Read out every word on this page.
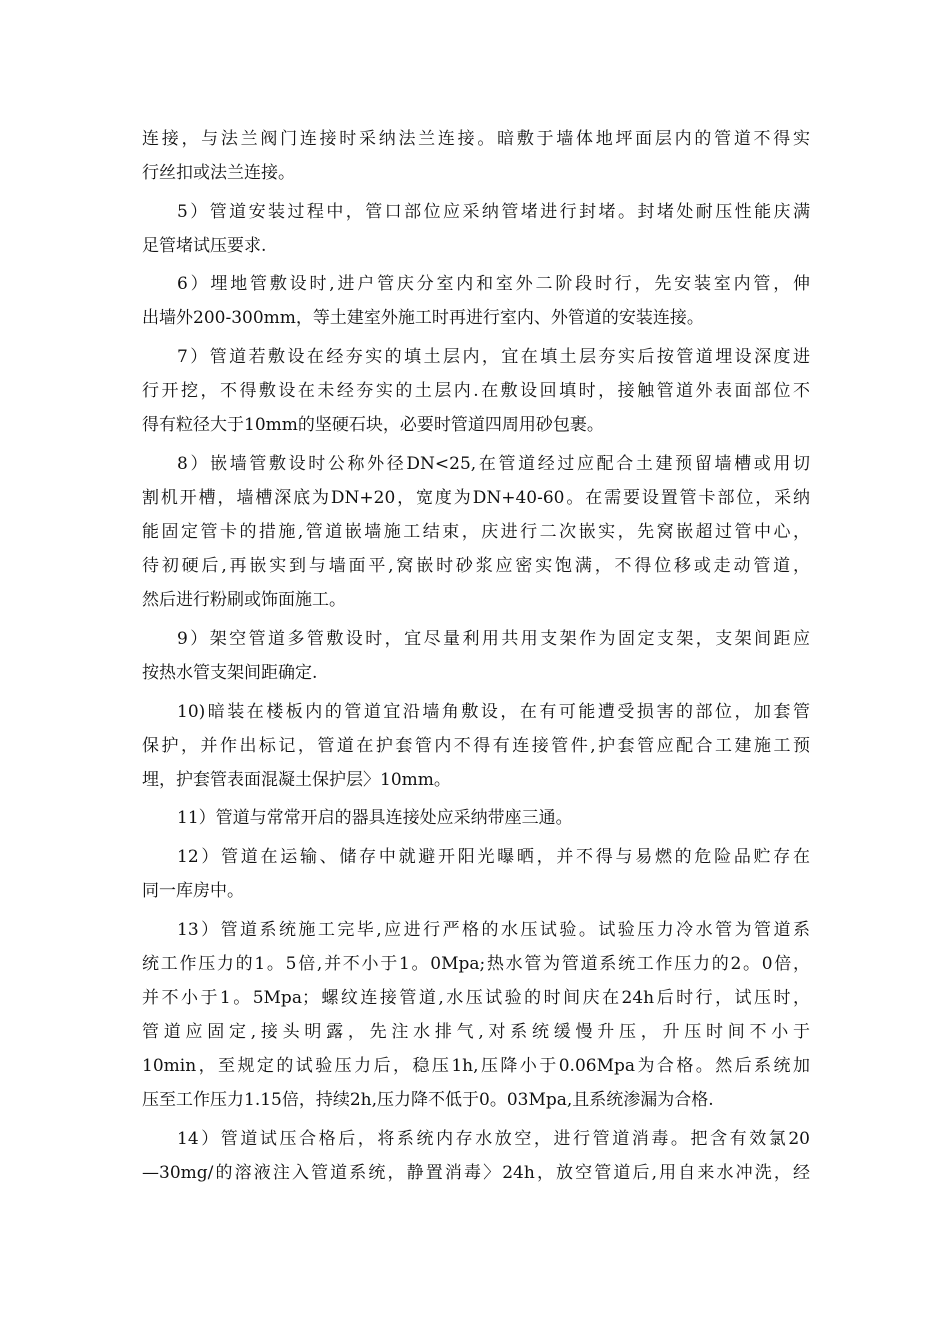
连接，与法兰阀门连接时采纳法兰连接。暗敷于墙体地坪面层内的管道不得实
行丝扣或法兰连接。
5）管道安装过程中，管口部位应采纳管堵进行封堵。封堵处耐压性能庆满
足管堵试压要求.
6）埋地管敷设时,进户管庆分室内和室外二阶段时行，先安装室内管，伸
出墙外200-300mm，等土建室外施工时再进行室内、外管道的安装连接。
7）管道若敷设在经夯实的填土层内，宜在填土层夯实后按管道埋设深度进
行开挖，不得敷设在未经夯实的土层内.在敷设回填时，接触管道外表面部位不
得有粒径大于10mm的坚硬石块，必要时管道四周用砂包裹。
8）嵌墙管敷设时公称外径DN<25,在管道经过应配合土建预留墙槽或用切
割机开槽，墙槽深底为DN+20，宽度为DN+40-60。在需要设置管卡部位，采纳
能固定管卡的措施,管道嵌墙施工结束，庆进行二次嵌实，先窝嵌超过管中心，
待初硬后,再嵌实到与墙面平,窝嵌时砂浆应密实饱满，不得位移或走动管道，
然后进行粉刷或饰面施工。
9）架空管道多管敷设时，宜尽量利用共用支架作为固定支架，支架间距应
按热水管支架间距确定.
10)暗装在楼板内的管道宜沿墙角敷设，在有可能遭受损害的部位，加套管
保护，并作出标记，管道在护套管内不得有连接管件,护套管应配合工建施工预
埋，护套管表面混凝土保护层〉10mm。
11）管道与常常开启的器具连接处应采纳带座三通。
12）管道在运输、储存中就避开阳光曝晒，并不得与易燃的危险品贮存在
同一库房中。
13）管道系统施工完毕,应进行严格的水压试验。试验压力冷水管为管道系
统工作压力的1。5倍,并不小于1。0Mpa;热水管为管道系统工作压力的2。0倍，
并不小于1。5Mpa；螺纹连接管道,水压试验的时间庆在24h后时行，试压时，
管道应固定,接头明露，先注水排气,对系统缓慢升压，升压时间不小于
10min，至规定的试验压力后，稳压1h,压降小于0.06Mpa为合格。然后系统加
压至工作压力1.15倍，持续2h,压力降不低于0。03Mpa,且系统渗漏为合格.
14）管道试压合格后，将系统内存水放空，进行管道消毒。把含有效氯20
—30mg/的溶液注入管道系统，静置消毒〉24h，放空管道后,用自来水冲洗，经
